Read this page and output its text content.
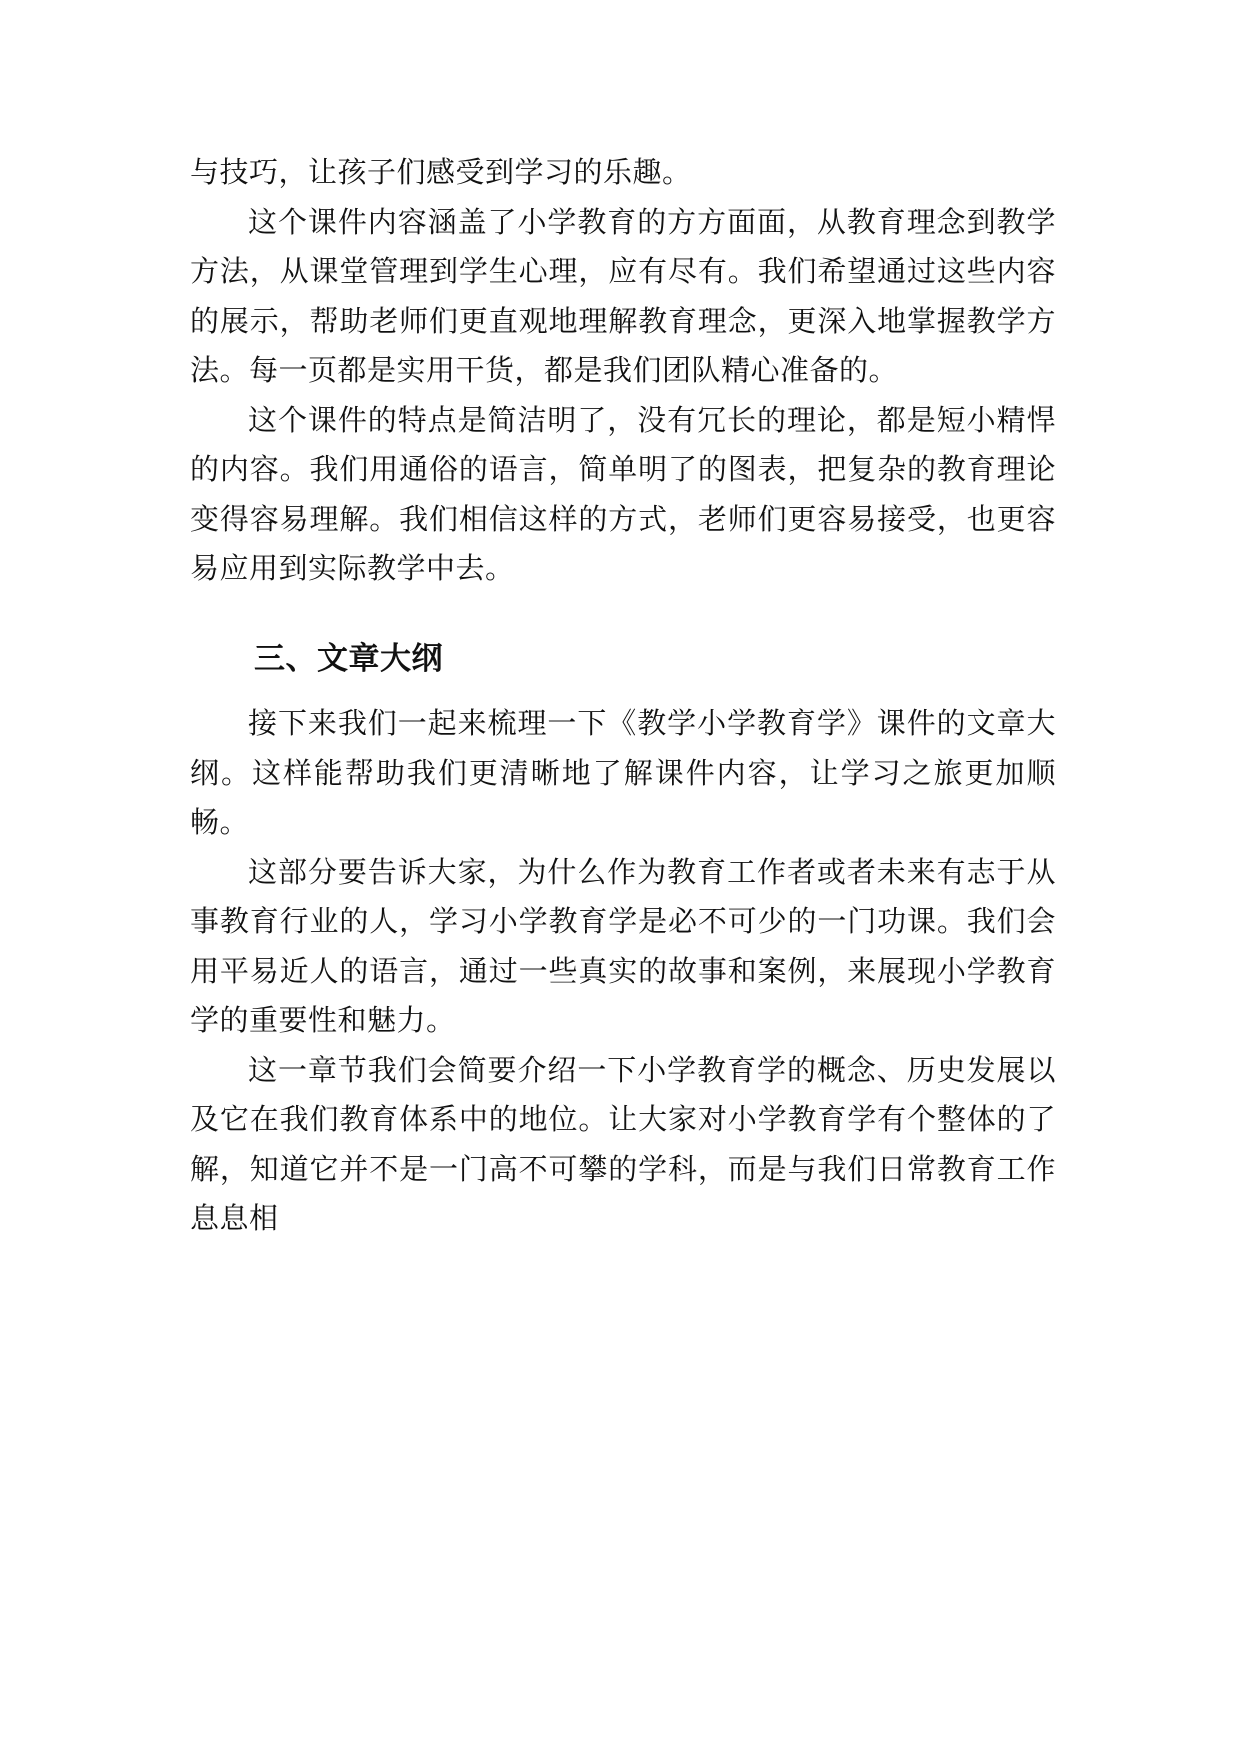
与技巧，让孩子们感受到学习的乐趣。

这个课件内容涵盖了小学教育的方方面面，从教育理念到教学方法，从课堂管理到学生心理，应有尽有。我们希望通过这些内容的展示，帮助老师们更直观地理解教育理念，更深入地掌握教学方法。每一页都是实用干货，都是我们团队精心准备的。

这个课件的特点是简洁明了，没有冗长的理论，都是短小精悍的内容。我们用通俗的语言，简单明了的图表，把复杂的教育理论变得容易理解。我们相信这样的方式，老师们更容易接受，也更容易应用到实际教学中去。

三、文章大纲

接下来我们一起来梳理一下《教学小学教育学》课件的文章大纲。这样能帮助我们更清晰地了解课件内容，让学习之旅更加顺畅。

这部分要告诉大家，为什么作为教育工作者或者未来有志于从事教育行业的人，学习小学教育学是必不可少的一门功课。我们会用平易近人的语言，通过一些真实的故事和案例，来展现小学教育学的重要性和魅力。

这一章节我们会简要介绍一下小学教育学的概念、历史发展以及它在我们教育体系中的地位。让大家对小学教育学有个整体的了解，知道它并不是一门高不可攀的学科，而是与我们日常教育工作息息相
